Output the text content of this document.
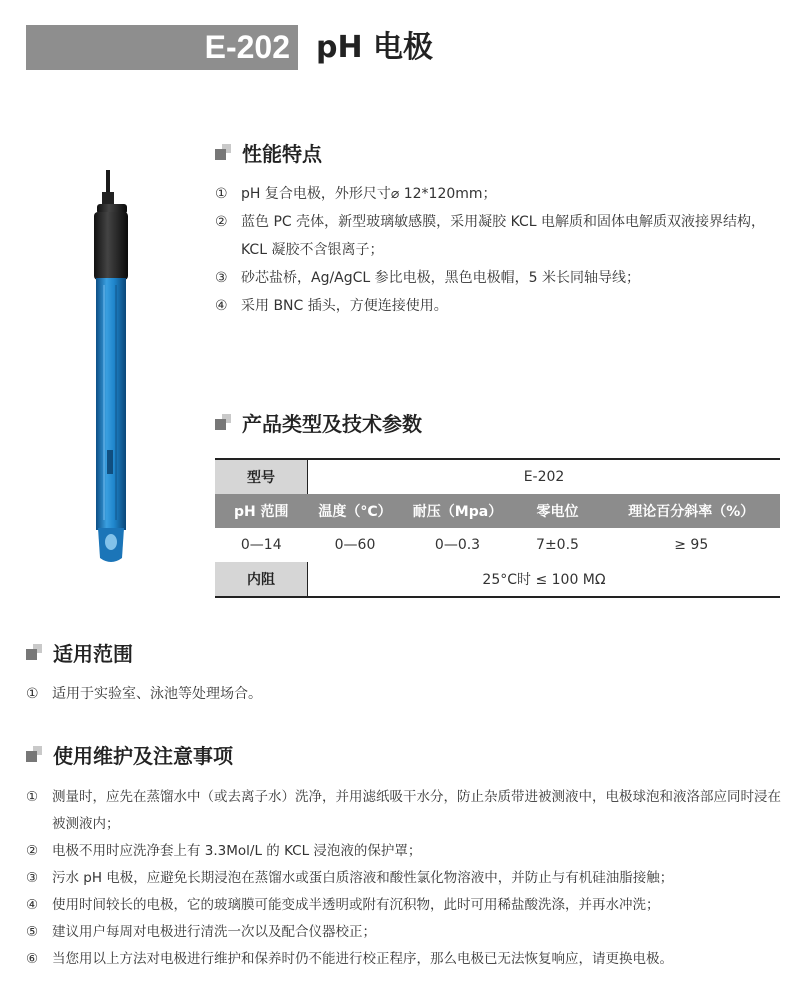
E-202 pH 电极
性能特点
① pH 复合电极，外形尺寸⌀ 12*120mm；
② 蓝色 PC 壳体，新型玻璃敏感膜，采用凝胶 KCL 电解质和固体电解质双液接界结构，KCL 凝胶不含银离子；
③ 砂芯盐桥，Ag/AgCL 参比电极，黑色电极帽，5 米长同轴导线；
④ 采用 BNC 插头，方便连接使用。
产品类型及技术参数
型号	E-202			
pH 范围	温度（°C）	耐压（Mpa）	零电位	理论百分斜率（%）
0—14	0—60	0—0.3	7±0.5	≥ 95
内阻	25°C时 ≤ 100 MΩ			
适用范围
① 适用于实验室、泳池等处理场合。
使用维护及注意事项
① 测量时，应先在蒸馏水中（或去离子水）洗净，并用滤纸吸干水分，防止杂质带进被测液中，电极球泡和液洛部应同时浸在被测液内；
② 电极不用时应洗净套上有 3.3Mol/L 的 KCL 浸泡液的保护罩；
③ 污水 pH 电极，应避免长期浸泡在蒸馏水或蛋白质溶液和酸性氯化物溶液中，并防止与有机硅油脂接触；
④ 使用时间较长的电极，它的玻璃膜可能变成半透明或附有沉积物，此时可用稀盐酸洗涤，并再水冲洗；
⑤ 建议用户每周对电极进行清洗一次以及配合仪器校正；
⑥ 当您用以上方法对电极进行维护和保养时仍不能进行校正程序，那么电极已无法恢复响应，请更换电极。
